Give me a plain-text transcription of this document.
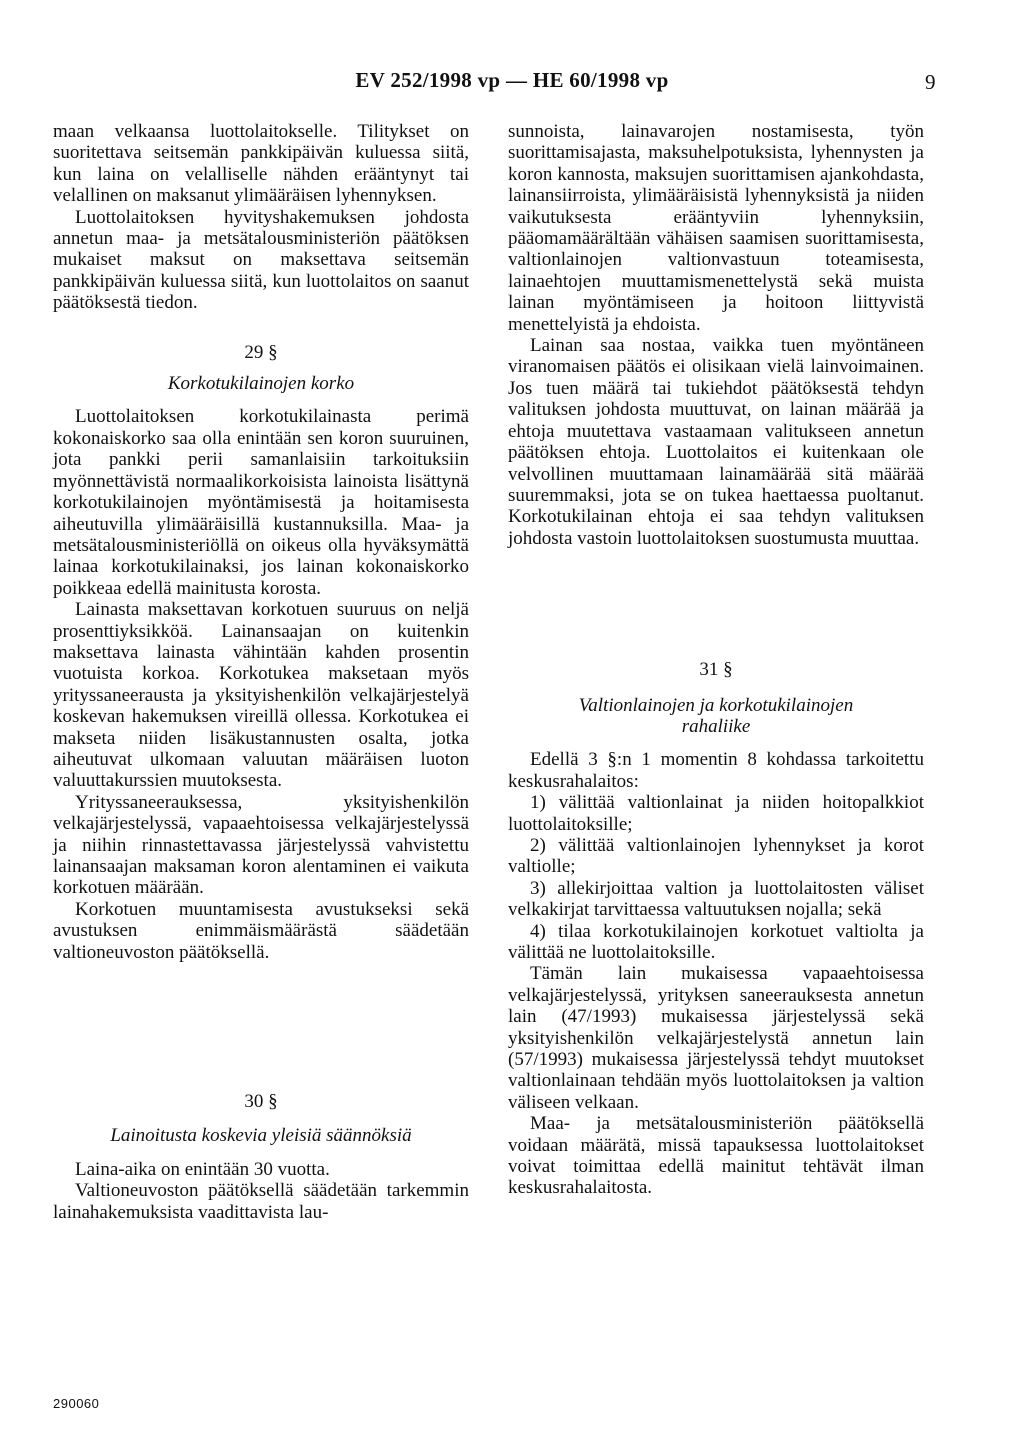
EV 252/1998 vp — HE 60/1998 vp	9

maan velkaansa luottolaitokselle. Tilitykset on suoritettava seitsemän pankkipäivän kuluessa siitä, kun laina on velalliselle nähden erääntynyt tai velallinen on maksanut ylimääräisen lyhennyksen.

Luottolaitoksen hyvityshakemuksen johdosta annetun maa- ja metsätalousministeriön päätöksen mukaiset maksut on maksettava seitsemän pankkipäivän kuluessa siitä, kun luottolaitos on saanut päätöksestä tiedon.

29 §

Korkotukilainojen korko

Luottolaitoksen korkotukilainasta perimä kokonaiskorko saa olla enintään sen koron suuruinen, jota pankki perii samanlaisiin tarkoituksiin myönnettävistä normaalikorkoisista lainoista lisättynä korkotukilainojen myöntämisestä ja hoitamisesta aiheutuvilla ylimääräisillä kustannuksilla. Maa- ja metsätalousministeriöllä on oikeus olla hyväksymättä lainaa korkotukilainaksi, jos lainan kokonaiskorko poikkeaa edellä mainitusta korosta.

Lainasta maksettavan korkotuen suuruus on neljä prosenttiyksikköä. Lainansaajan on kuitenkin maksettava lainasta vähintään kahden prosentin vuotuista korkoa. Korkotukea maksetaan myös yrityssaneerausta ja yksityishenkilön velkajärjestelyä koskevan hakemuksen vireillä ollessa. Korkotukea ei makseta niiden lisäkustannusten osalta, jotka aiheutuvat ulkomaan valuutan määräisen luoton valuuttakurssien muutoksesta.

Yrityssaneerauksessa, yksityishenkilön velkajärjestelyssä, vapaaehtoisessa velkajärjestelyssä ja niihin rinnastettavassa järjestelyssä vahvistettu lainansaajan maksaman koron alentaminen ei vaikuta korkotuen määrään.

Korkotuen muuntamisesta avustukseksi sekä avustuksen enimmäismäärästä säädetään valtioneuvoston päätöksellä.

30 §

Lainoitusta koskevia yleisiä säännöksiä

Laina-aika on enintään 30 vuotta.

Valtioneuvoston päätöksellä säädetään tarkemmin lainahakemuksista vaadittavista lau-

sunnoista, lainavarojen nostamisesta, työn suorittamisajasta, maksuhelpotuksista, lyhennysten ja koron kannosta, maksujen suorittamisen ajankohdasta, lainansiirroista, ylimääräisistä lyhennyksistä ja niiden vaikutuksesta erääntyviin lyhennyksiin, pääomamäärältään vähäisen saamisen suorittamisesta, valtionlainojen valtionvastuun toteamisesta, lainaehtojen muuttamismenettelystä sekä muista lainan myöntämiseen ja hoitoon liittyvistä menettelyistä ja ehdoista.

Lainan saa nostaa, vaikka tuen myöntäneen viranomaisen päätös ei olisikaan vielä lainvoimainen. Jos tuen määrä tai tukiehdot päätöksestä tehdyn valituksen johdosta muuttuvat, on lainan määrää ja ehtoja muutettava vastaamaan valitukseen annetun päätöksen ehtoja. Luottolaitos ei kuitenkaan ole velvollinen muuttamaan lainamäärää sitä määrää suuremmaksi, jota se on tukea haettaessa puoltanut. Korkotukilainan ehtoja ei saa tehdyn valituksen johdosta vastoin luottolaitoksen suostumusta muuttaa.

31 §

Valtionlainojen ja korkotukilainojen rahaliike

Edellä 3 §:n 1 momentin 8 kohdassa tarkoitettu keskusrahalaitos:

1) välittää valtionlainat ja niiden hoitopalkkiot luottolaitoksille;

2) välittää valtionlainojen lyhennykset ja korot valtiolle;

3) allekirjoittaa valtion ja luottolaitosten väliset velkakirjat tarvittaessa valtuutuksen nojalla; sekä

4) tilaa korkotukilainojen korkotuet valtiolta ja välittää ne luottolaitoksille.

Tämän lain mukaisessa vapaaehtoisessa velkajärjestelyssä, yrityksen saneerauksesta annetun lain (47/1993) mukaisessa järjestelyssä sekä yksityishenkilön velkajärjestelystä annetun lain (57/1993) mukaisessa järjestelyssä tehdyt muutokset valtionlainaan tehdään myös luottolaitoksen ja valtion väliseen velkaan.

Maa- ja metsätalousministeriön päätöksellä voidaan määrätä, missä tapauksessa luottolaitokset voivat toimittaa edellä mainitut tehtävät ilman keskusrahalaitosta.

290060
